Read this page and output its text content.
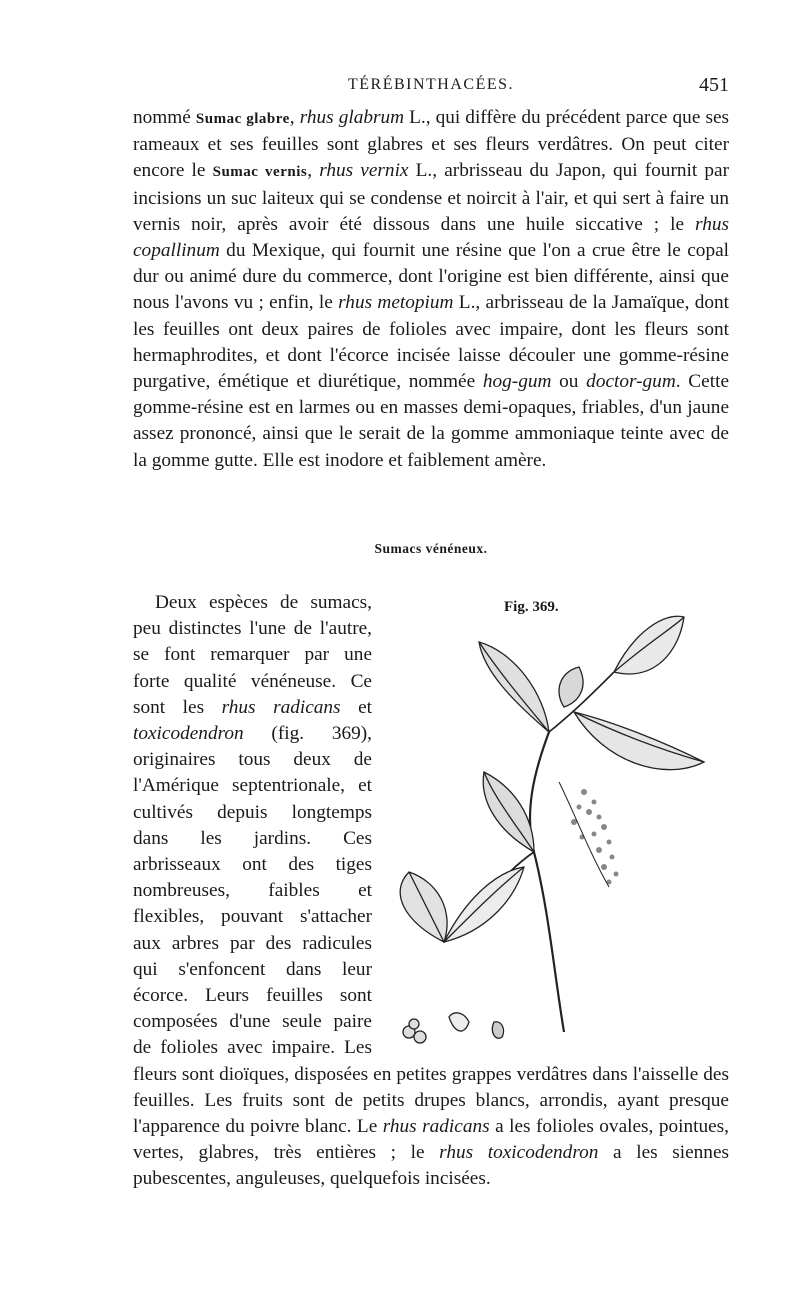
TÉRÉBINTHACÉES.	451

nommé Sumac glabre, rhus glabrum L., qui diffère du précédent parce que ses rameaux et ses feuilles sont glabres et ses fleurs verdâtres. On peut citer encore le Sumac vernis, rhus vernix L., arbrisseau du Japon, qui fournit par incisions un suc laiteux qui se condense et noircit à l'air, et qui sert à faire un vernis noir, après avoir été dissous dans une huile siccative ; le rhus copallinum du Mexique, qui fournit une résine que l'on a crue être le copal dur ou animé dure du commerce, dont l'origine est bien différente, ainsi que nous l'avons vu ; enfin, le rhus metopium L., arbrisseau de la Jamaïque, dont les feuilles ont deux paires de folioles avec impaire, dont les fleurs sont hermaphrodites, et dont l'écorce incisée laisse découler une gomme-résine purgative, émétique et diurétique, nommée hog-gum ou doctor-gum. Cette gomme-résine est en larmes ou en masses demi-opaques, friables, d'un jaune assez prononcé, ainsi que le serait de la gomme ammoniaque teinte avec de la gomme gutte. Elle est inodore et faiblement amère.

Sumacs vénéneux.
Fig. 369.

Deux espèces de sumacs, peu distinctes l'une de l'autre, se font remarquer par une forte qualité vénéneuse. Ce sont les rhus radicans et toxicodendron (fig. 369), originaires tous deux de l'Amérique septentrionale, et cultivés depuis longtemps dans les jardins. Ces arbrisseaux ont des tiges nombreuses, faibles et flexibles, pouvant s'attacher aux arbres par des radicules qui s'enfoncent dans leur écorce. Leurs feuilles sont composées d'une seule paire de folioles avec impaire. Les fleurs sont dioïques, disposées en petites grappes verdâtres dans l'aisselle des feuilles. Les fruits sont de petits drupes blancs, arrondis, ayant presque l'apparence du poivre blanc. Le rhus radicans a les folioles ovales, pointues, vertes, glabres, très entières ; le rhus toxicodendron a les siennes pubescentes, anguleuses, quelquefois incisées.
